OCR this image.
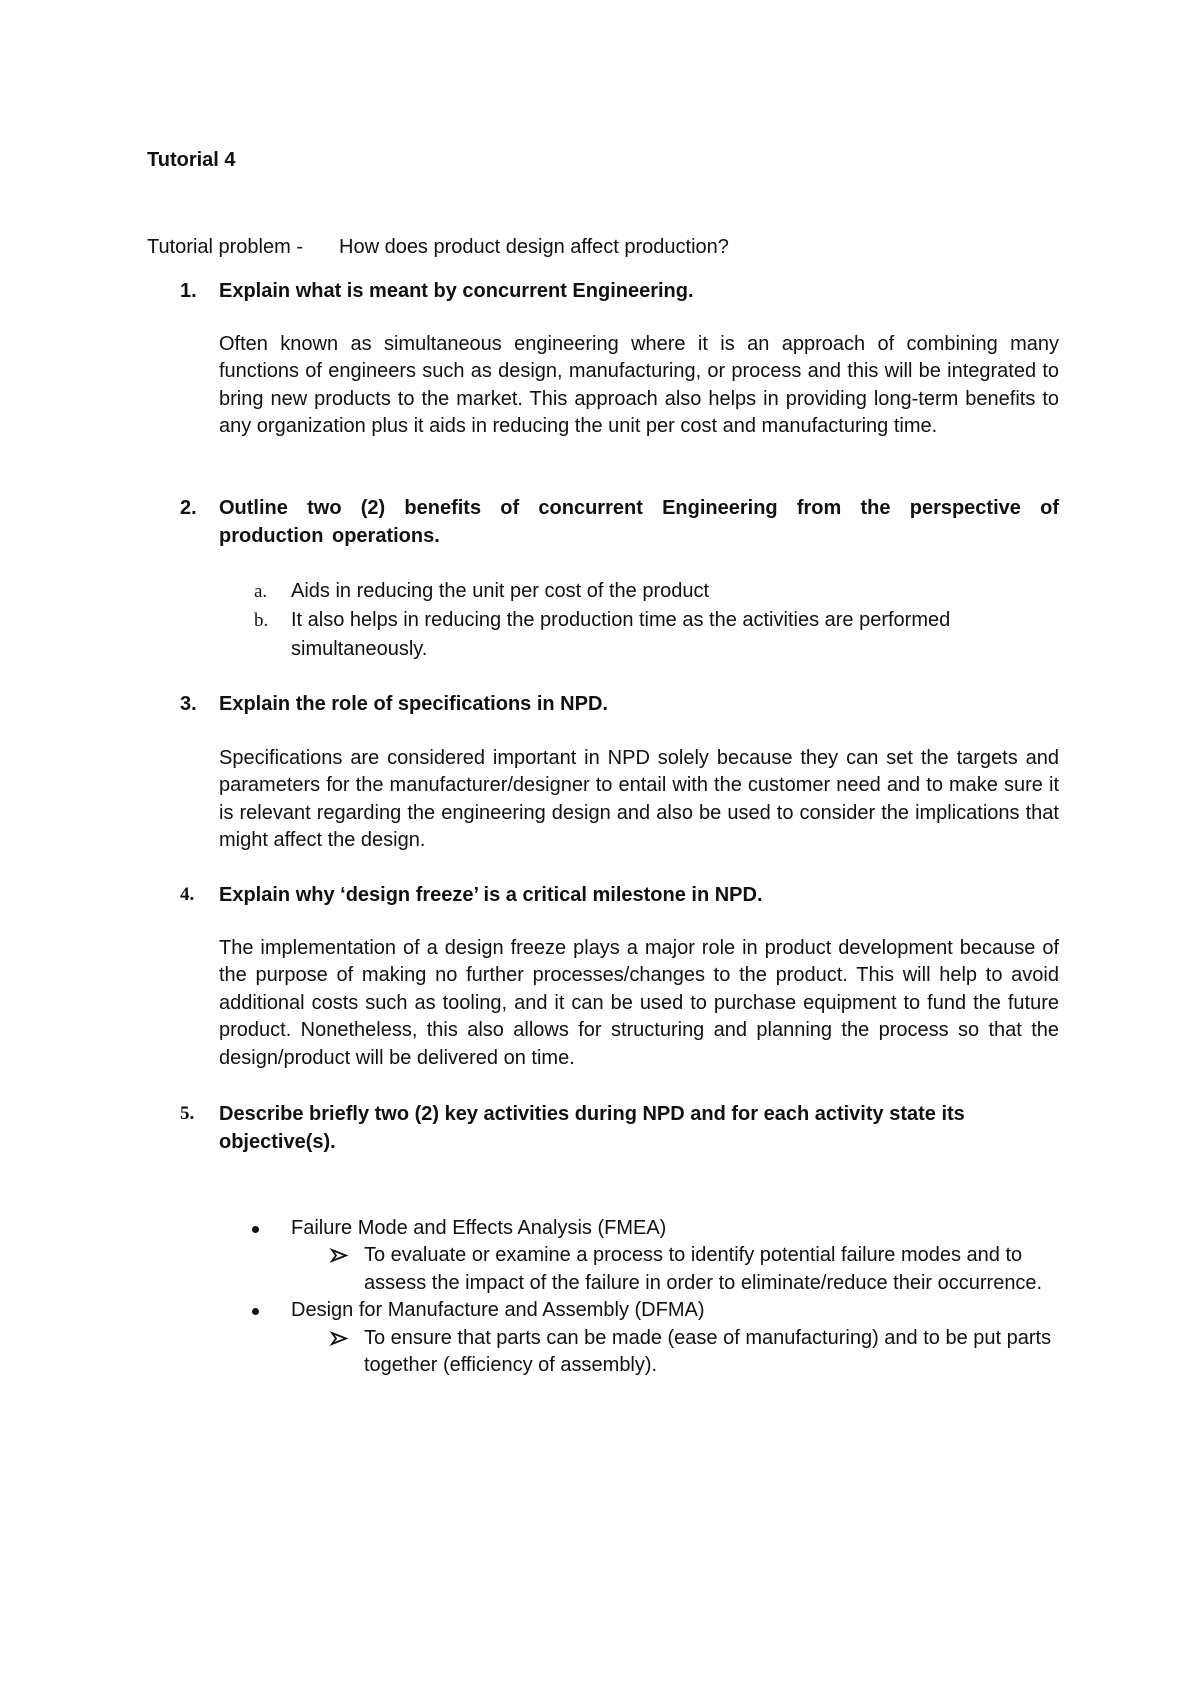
Tutorial 4
Tutorial problem - How does product design affect production?
1.	Explain what is meant by concurrent Engineering.

Often known as simultaneous engineering where it is an approach of combining many functions of engineers such as design, manufacturing, or process and this will be integrated to bring new products to the market. This approach also helps in providing long-term benefits to any organization plus it aids in reducing the unit per cost and manufacturing time.

2.	Outline two (2) benefits of concurrent Engineering from the perspective of production operations.
a. Aids in reducing the unit per cost of the product
b. It also helps in reducing the production time as the activities are performed simultaneously.
3.	Explain the role of specifications in NPD.

Specifications are considered important in NPD solely because they can set the targets and parameters for the manufacturer/designer to entail with the customer need and to make sure it is relevant regarding the engineering design and also be used to consider the implications that might affect the design.

4.	Explain why ‘design freeze’ is a critical milestone in NPD.

The implementation of a design freeze plays a major role in product development because of the purpose of making no further processes/changes to the product. This will help to avoid additional costs such as tooling, and it can be used to purchase equipment to fund the future product. Nonetheless, this also allows for structuring and planning the process so that the design/product will be delivered on time.

5.	Describe briefly two (2) key activities during NPD and for each activity state its objective(s).
Failure Mode and Effects Analysis (FMEA)
To evaluate or examine a process to identify potential failure modes and to assess the impact of the failure in order to eliminate/reduce their occurrence.
Design for Manufacture and Assembly (DFMA)
To ensure that parts can be made (ease of manufacturing) and to be put parts together (efficiency of assembly).
